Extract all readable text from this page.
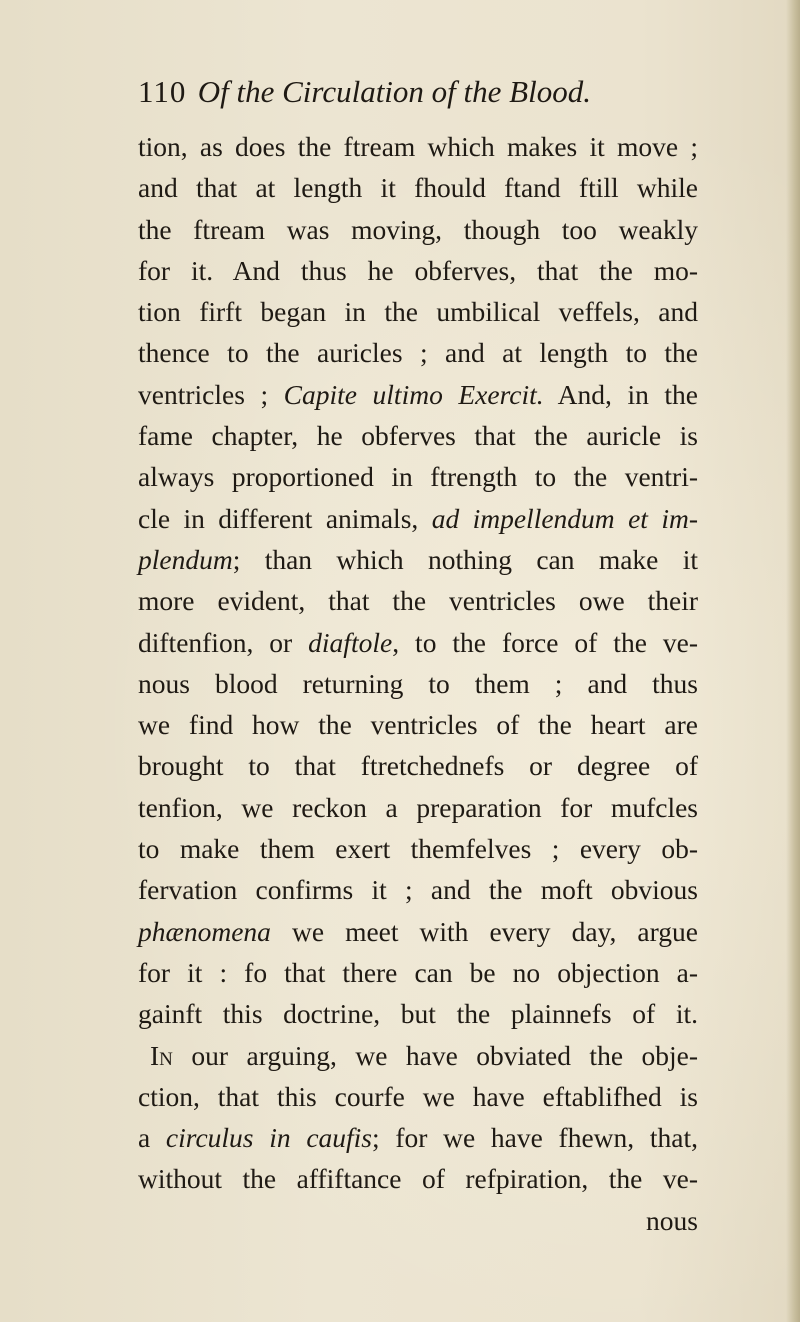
110 Of the Circulation of the Blood.
tion, as does the ftream which makes it move ;
and that at length it fhould ftand ftill while
the ftream was moving, though too weakly
for it. And thus he obferves, that the mo-
tion firft began in the umbilical veffels, and
thence to the auricles ; and at length to the
ventricles ; Capite ultimo Exercit. And, in the
fame chapter, he obferves that the auricle is
always proportioned in ftrength to the ventri-
cle in different animals, ad impellendum et im-
plendum; than which nothing can make it
more evident, that the ventricles owe their
diftenfion, or diaftole, to the force of the ve-
nous blood returning to them ; and thus
we find how the ventricles of the heart are
brought to that ftretchednefs or degree of
tenfion, we reckon a preparation for mufcles
to make them exert themfelves ; every ob-
fervation confirms it ; and the moft obvious
phænomena we meet with every day, argue
for it : fo that there can be no objection a-
gainft this doctrine, but the plainnefs of it.
In our arguing, we have obviated the obje-
ction, that this courfe we have eftablifhed is
a circulus in caufis; for we have fhewn, that,
without the affiftance of refpiration, the ve-
nous
